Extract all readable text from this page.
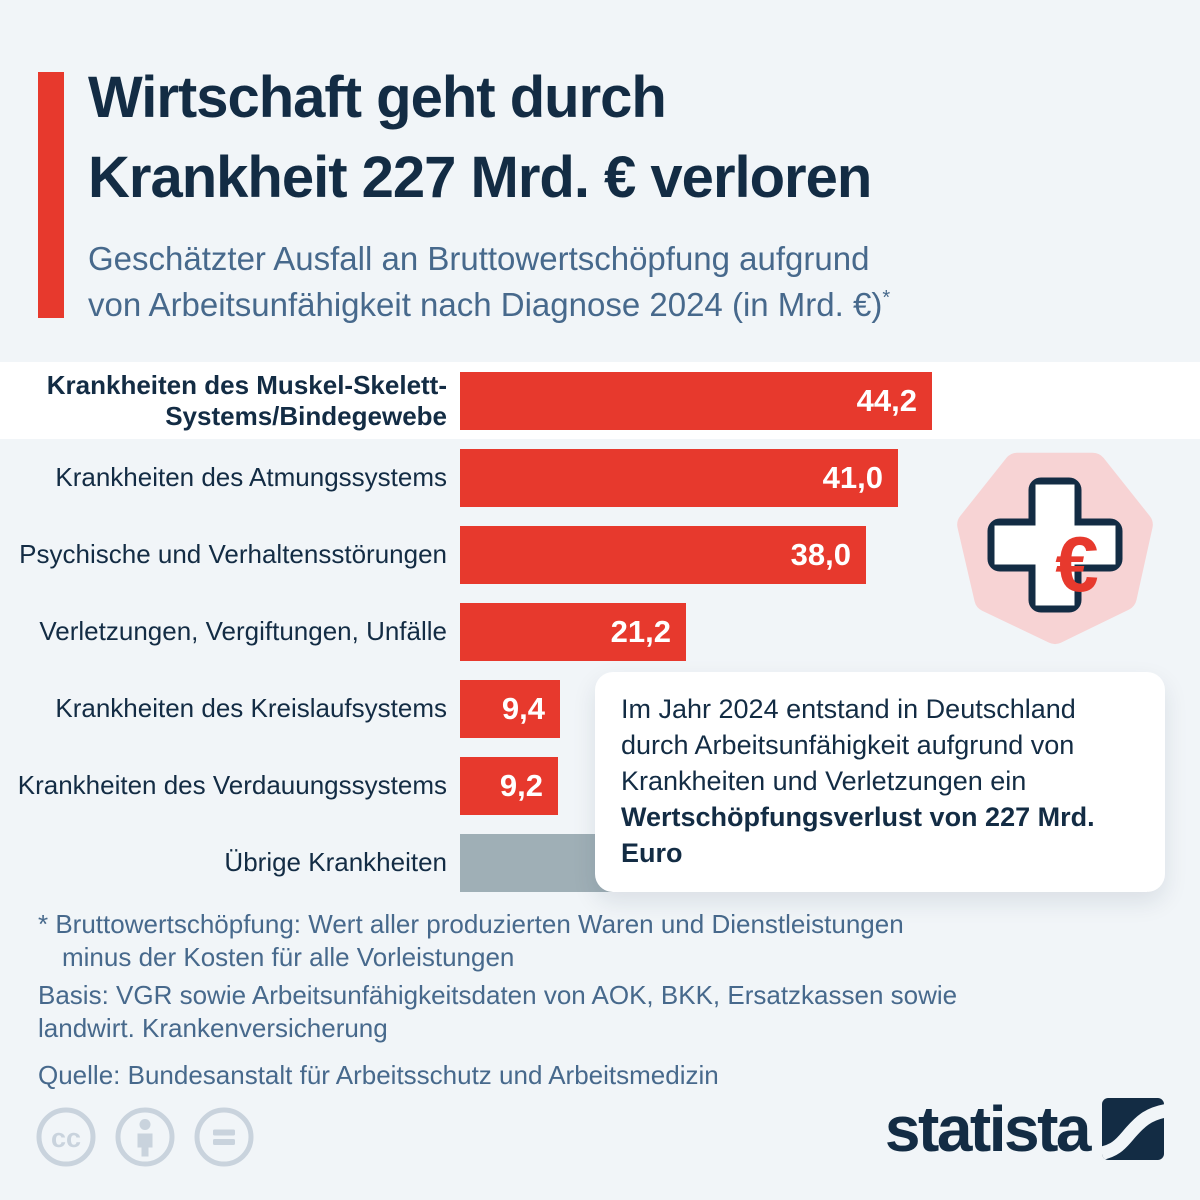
Wirtschaft geht durch
Krankheit 227 Mrd. € verloren
Geschätzter Ausfall an Bruttowertschöpfung aufgrund
von Arbeitsunfähigkeit nach Diagnose 2024 (in Mrd. €)*
Krankheiten des Muskel-Skelett-Systems/Bindegewebe	44,2
Krankheiten des Atmungssystems	41,0
Psychische und Verhaltensstörungen	38,0
Verletzungen, Vergiftungen, Unfälle	21,2
Krankheiten des Kreislaufsystems	9,4
Krankheiten des Verdauungssystems	9,2
Übrige Krankheiten
€
Im Jahr 2024 entstand in Deutschland durch Arbeitsunfähigkeit aufgrund von Krankheiten und Verletzungen ein Wertschöpfungsverlust von 227 Mrd. Euro
* Bruttowertschöpfung: Wert aller produzierten Waren und Dienstleistungen minus der Kosten für alle Vorleistungen
Basis: VGR sowie Arbeitsunfähigkeitsdaten von AOK, BKK, Ersatzkassen sowie landwirt. Krankenversicherung
Quelle: Bundesanstalt für Arbeitsschutz und Arbeitsmedizin
cc	statista
